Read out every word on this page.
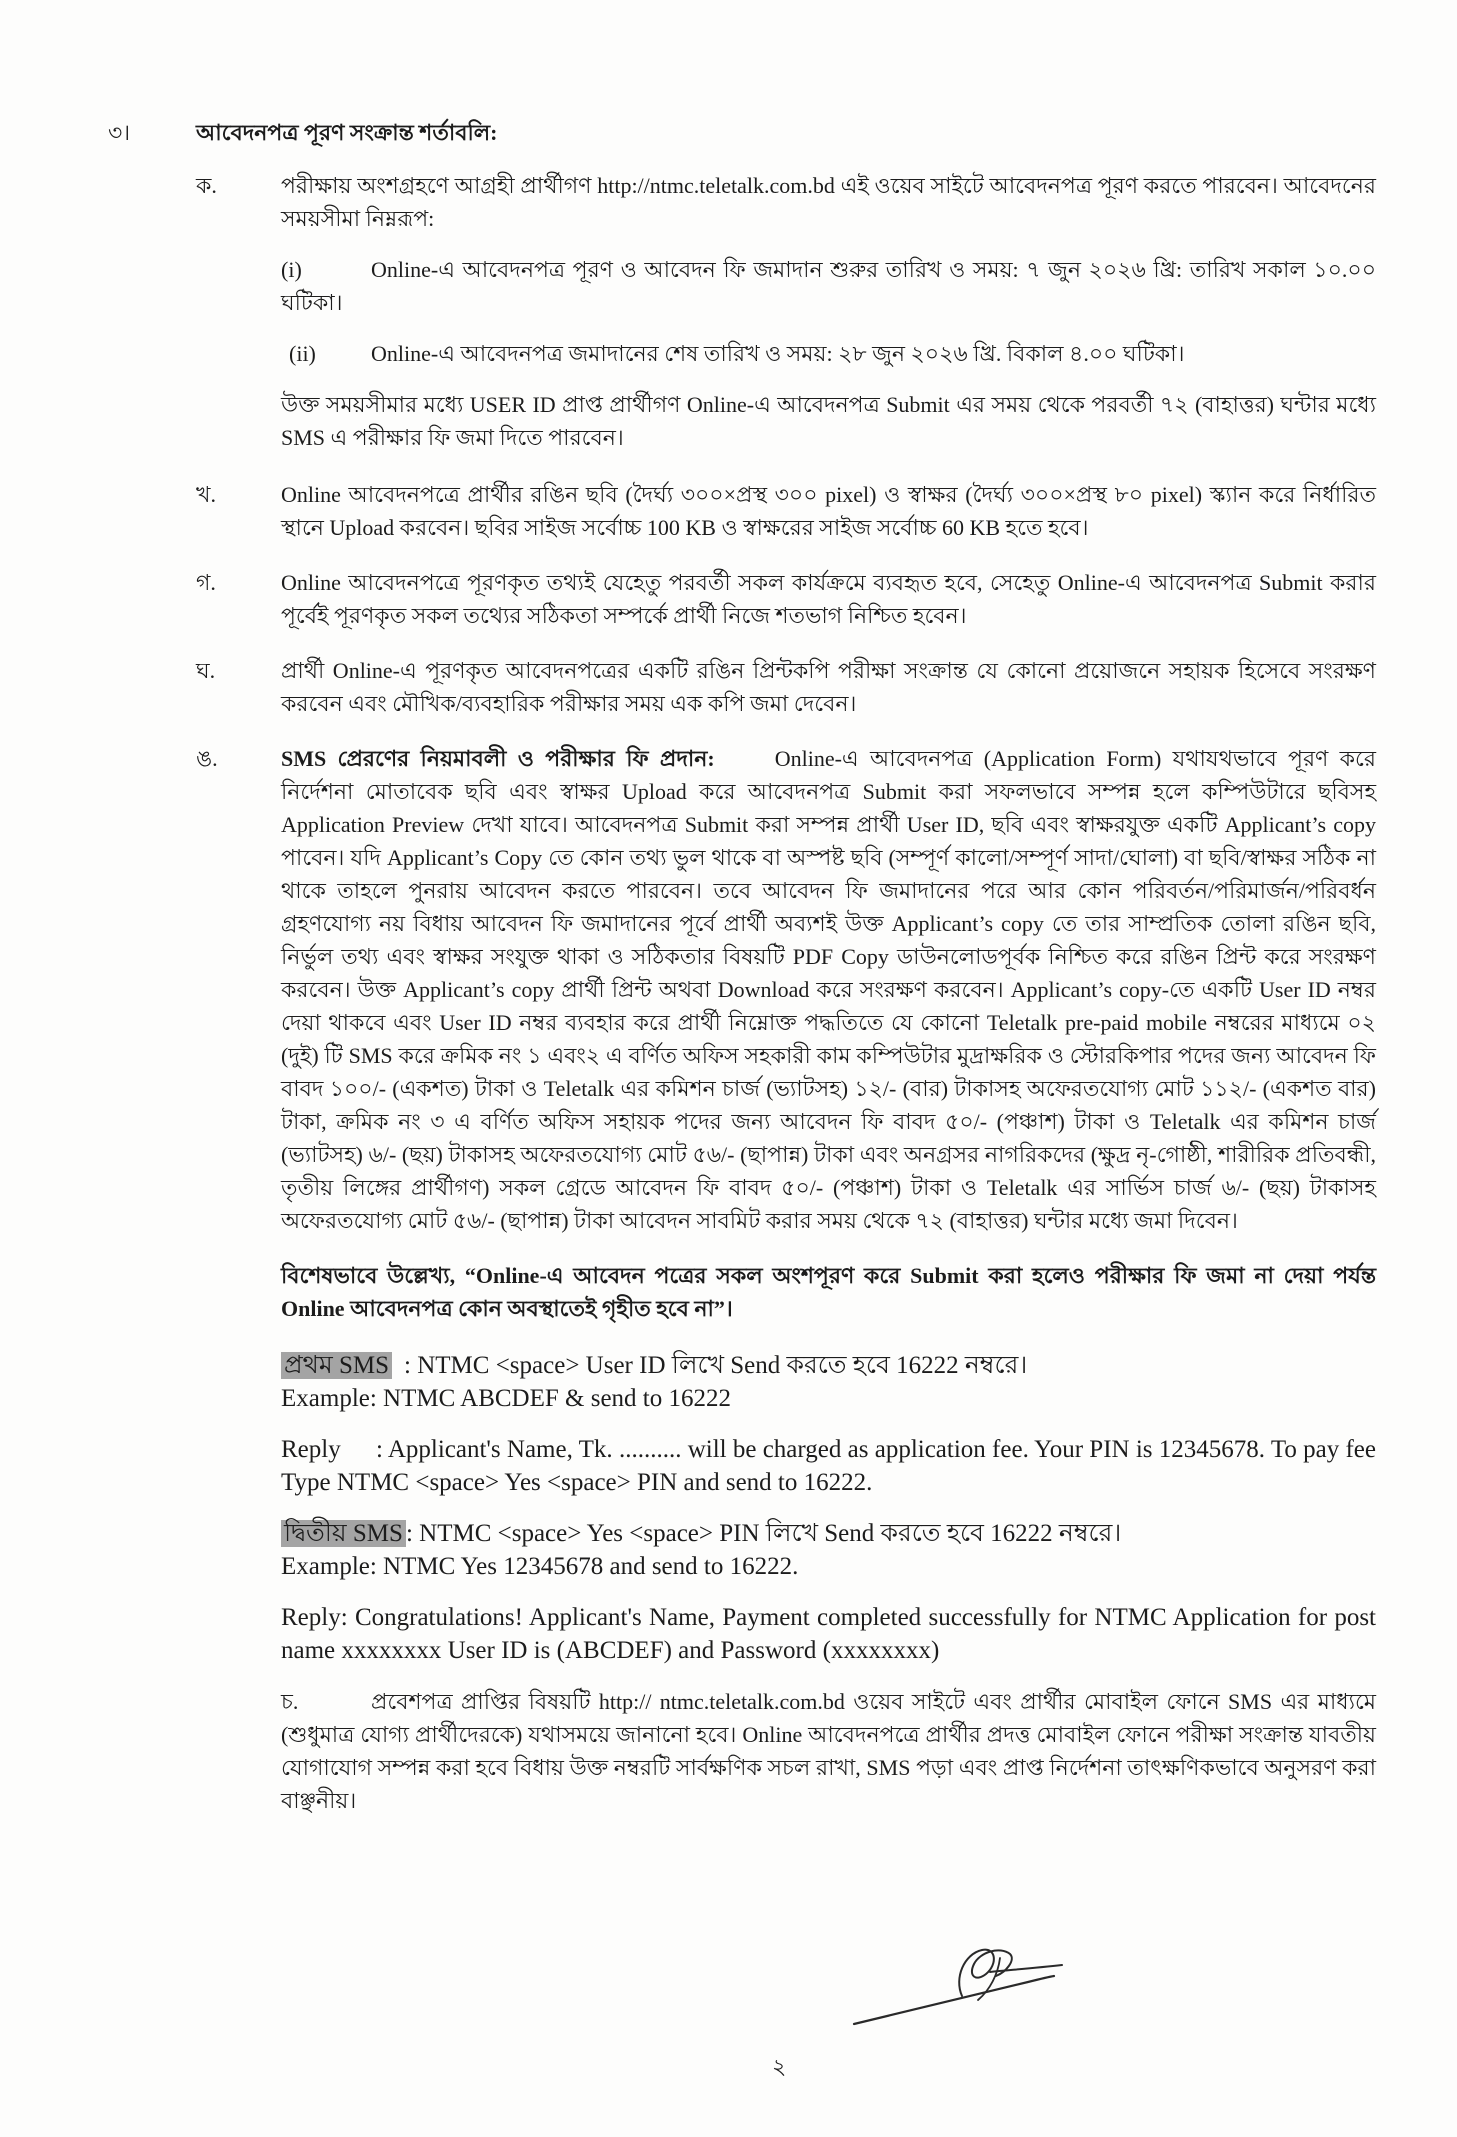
৩।	আবেদনপত্র পূরণ সংক্রান্ত শর্তাবলি:
ক.	পরীক্ষায় অংশগ্রহণে আগ্রহী প্রার্থীগণ http://ntmc.teletalk.com.bd এই ওয়েব সাইটে আবেদনপত্র পূরণ করতে পারবেন। আবেদনের সময়সীমা নিম্নরূপ:
(i)	Online-এ আবেদনপত্র পূরণ ও আবেদন ফি জমাদান শুরুর তারিখ ও সময়: ৭ জুন ২০২৬ খ্রি: তারিখ সকাল ১০.০০ ঘটিকা।
(ii)	Online-এ আবেদনপত্র জমাদানের শেষ তারিখ ও সময়: ২৮ জুন ২০২৬ খ্রি. বিকাল ৪.০০ ঘটিকা।
উক্ত সময়সীমার মধ্যে USER ID প্রাপ্ত প্রার্থীগণ Online-এ আবেদনপত্র Submit এর সময় থেকে পরবর্তী ৭২ (বাহাত্তর) ঘন্টার মধ্যে SMS এ পরীক্ষার ফি জমা দিতে পারবেন।
খ.	Online আবেদনপত্রে প্রার্থীর রঙিন ছবি (দৈর্ঘ্য ৩০০×প্রস্থ ৩০০ pixel) ও স্বাক্ষর (দৈর্ঘ্য ৩০০×প্রস্থ ৮০ pixel) স্ক্যান করে নির্ধারিত স্থানে Upload করবেন। ছবির সাইজ সর্বোচ্চ 100 KB ও স্বাক্ষরের সাইজ সর্বোচ্চ 60 KB হতে হবে।
গ.	Online আবেদনপত্রে পূরণকৃত তথ্যই যেহেতু পরবর্তী সকল কার্যক্রমে ব্যবহৃত হবে, সেহেতু Online-এ আবেদনপত্র Submit করার পূর্বেই পূরণকৃত সকল তথ্যের সঠিকতা সম্পর্কে প্রার্থী নিজে শতভাগ নিশ্চিত হবেন।
ঘ.	প্রার্থী Online-এ পূরণকৃত আবেদনপত্রের একটি রঙিন প্রিন্টকপি পরীক্ষা সংক্রান্ত যে কোনো প্রয়োজনে সহায়ক হিসেবে সংরক্ষণ করবেন এবং মৌখিক/ব্যবহারিক পরীক্ষার সময় এক কপি জমা দেবেন।
ঙ.	SMS প্রেরণের নিয়মাবলী ও পরীক্ষার ফি প্রদান:	Online-এ আবেদনপত্র (Application Form) যথাযথভাবে পূরণ করে নির্দেশনা মোতাবেক ছবি এবং স্বাক্ষর Upload করে আবেদনপত্র Submit করা সফলভাবে সম্পন্ন হলে কম্পিউটারে ছবিসহ Application Preview দেখা যাবে। আবেদনপত্র Submit করা সম্পন্ন প্রার্থী User ID, ছবি এবং স্বাক্ষরযুক্ত একটি Applicant’s copy পাবেন। যদি Applicant’s Copy তে কোন তথ্য ভুল থাকে বা অস্পষ্ট ছবি (সম্পূর্ণ কালো/সম্পূর্ণ সাদা/ঘোলা) বা ছবি/স্বাক্ষর সঠিক না থাকে তাহলে পুনরায় আবেদন করতে পারবেন। তবে আবেদন ফি জমাদানের পরে আর কোন পরিবর্তন/পরিমার্জন/পরিবর্ধন গ্রহণযোগ্য নয় বিধায় আবেদন ফি জমাদানের পূর্বে প্রার্থী অব্যশই উক্ত Applicant’s copy তে তার সাম্প্রতিক তোলা রঙিন ছবি, নির্ভুল তথ্য এবং স্বাক্ষর সংযুক্ত থাকা ও সঠিকতার বিষয়টি PDF Copy ডাউনলোডপূর্বক নিশ্চিত করে রঙিন প্রিন্ট করে সংরক্ষণ করবেন। উক্ত Applicant’s copy প্রার্থী প্রিন্ট অথবা Download করে সংরক্ষণ করবেন। Applicant’s copy-তে একটি User ID নম্বর দেয়া থাকবে এবং User ID নম্বর ব্যবহার করে প্রার্থী নিম্নোক্ত পদ্ধতিতে যে কোনো Teletalk pre-paid mobile নম্বরের মাধ্যমে ০২ (দুই) টি SMS করে ক্রমিক নং ১ এবং২ এ বর্ণিত অফিস সহকারী কাম কম্পিউটার মুদ্রাক্ষরিক ও স্টোরকিপার পদের জন্য আবেদন ফি বাবদ ১০০/- (একশত) টাকা ও Teletalk এর কমিশন চার্জ (ভ্যাটসহ) ১২/- (বার) টাকাসহ অফেরতযোগ্য মোট ১১২/- (একশত বার) টাকা, ক্রমিক নং ৩ এ বর্ণিত অফিস সহায়ক পদের জন্য আবেদন ফি বাবদ ৫০/- (পঞ্চাশ) টাকা ও Teletalk এর কমিশন চার্জ (ভ্যাটসহ) ৬/- (ছয়) টাকাসহ অফেরতযোগ্য মোট ৫৬/- (ছাপান্ন) টাকা এবং অনগ্রসর নাগরিকদের (ক্ষুদ্র নৃ-গোষ্ঠী, শারীরিক প্রতিবন্ধী, তৃতীয় লিঙ্গের প্রার্থীগণ) সকল গ্রেডে আবেদন ফি বাবদ ৫০/- (পঞ্চাশ) টাকা ও Teletalk এর সার্ভিস চার্জ ৬/- (ছয়) টাকাসহ অফেরতযোগ্য মোট ৫৬/- (ছাপান্ন) টাকা আবেদন সাবমিট করার সময় থেকে ৭২ (বাহাত্তর) ঘন্টার মধ্যে জমা দিবেন।
বিশেষভাবে উল্লেখ্য, “Online-এ আবেদন পত্রের সকল অংশপূরণ করে Submit করা হলেও পরীক্ষার ফি জমা না দেয়া পর্যন্ত Online আবেদনপত্র কোন অবস্থাতেই গৃহীত হবে না”।
প্রথম SMS : NTMC <space> User ID লিখে Send করতে হবে 16222 নম্বরে।
Example: NTMC ABCDEF & send to 16222
Reply : Applicant's Name, Tk. .......... will be charged as application fee. Your PIN is 12345678. To pay fee Type NTMC <space> Yes <space> PIN and send to 16222.
দ্বিতীয় SMS : NTMC <space> Yes <space> PIN লিখে Send করতে হবে 16222 নম্বরে।
Example: NTMC Yes 12345678 and send to 16222.
Reply: Congratulations! Applicant's Name, Payment completed successfully for NTMC Application for post name xxxxxxxx User ID is (ABCDEF) and Password (xxxxxxxx)
চ.	প্রবেশপত্র প্রাপ্তির বিষয়টি http:// ntmc.teletalk.com.bd ওয়েব সাইটে এবং প্রার্থীর মোবাইল ফোনে SMS এর মাধ্যমে (শুধুমাত্র যোগ্য প্রার্থীদেরকে) যথাসময়ে জানানো হবে। Online আবেদনপত্রে প্রার্থীর প্রদত্ত মোবাইল ফোনে পরীক্ষা সংক্রান্ত যাবতীয় যোগাযোগ সম্পন্ন করা হবে বিধায় উক্ত নম্বরটি সার্বক্ষণিক সচল রাখা, SMS পড়া এবং প্রাপ্ত নির্দেশনা তাৎক্ষণিকভাবে অনুসরণ করা বাঞ্ছনীয়।
২
